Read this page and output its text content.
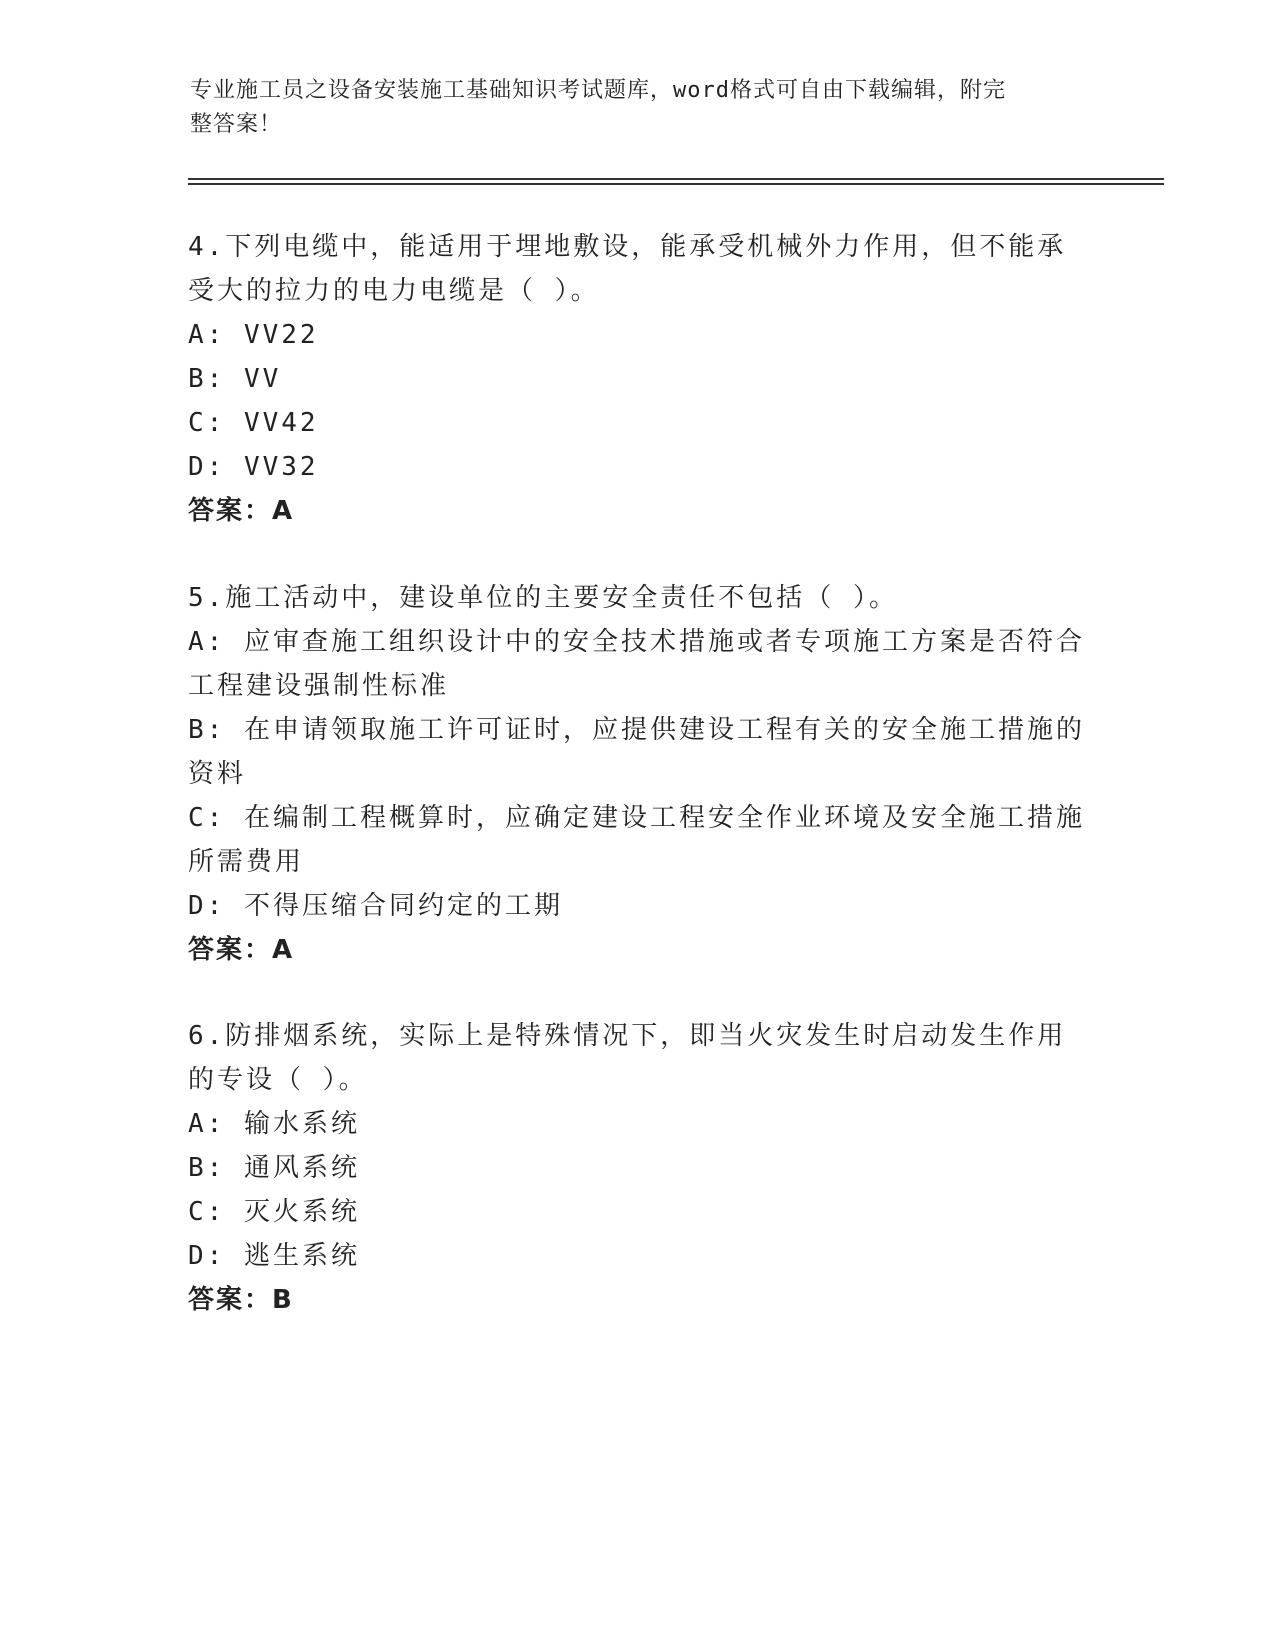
专业施工员之设备安装施工基础知识考试题库，word格式可自由下载编辑，附完
整答案！
4.下列电缆中，能适用于埋地敷设，能承受机械外力作用，但不能承
受大的拉力的电力电缆是（ ）。
A: VV22
B: VV
C: VV42
D: VV32
答案：A
5.施工活动中，建设单位的主要安全责任不包括（ ）。
A: 应审查施工组织设计中的安全技术措施或者专项施工方案是否符合
工程建设强制性标准
B: 在申请领取施工许可证时，应提供建设工程有关的安全施工措施的
资料
C: 在编制工程概算时，应确定建设工程安全作业环境及安全施工措施
所需费用
D: 不得压缩合同约定的工期
答案：A
6.防排烟系统，实际上是特殊情况下，即当火灾发生时启动发生作用
的专设（ ）。
A: 输水系统
B: 通风系统
C: 灭火系统
D: 逃生系统
答案：B
